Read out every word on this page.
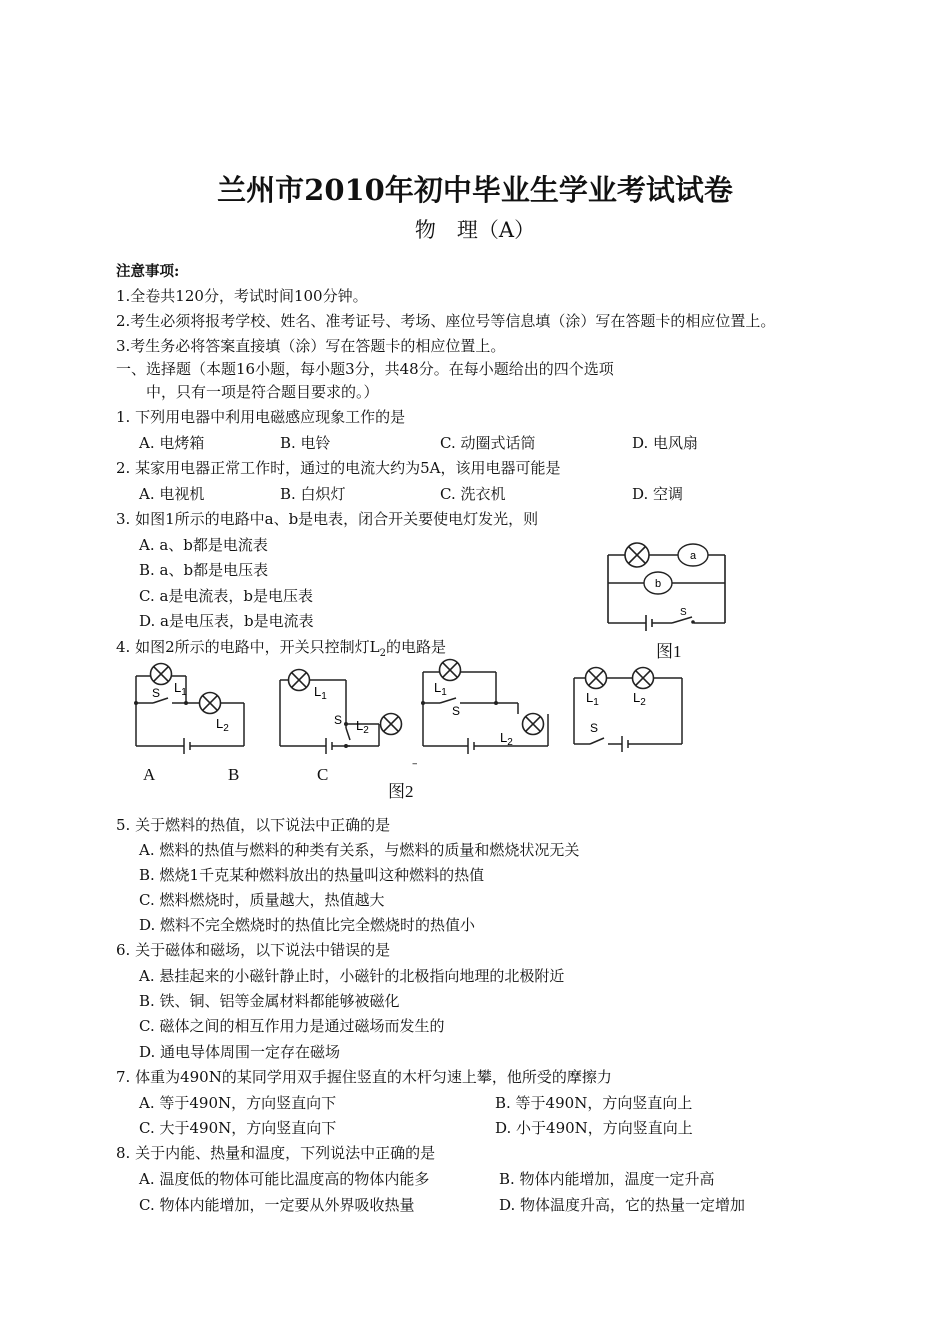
兰州市2010年初中毕业生学业考试试卷
物　理（A）
注意事项:
1.全卷共120分，考试时间100分钟。
2.考生必须将报考学校、姓名、准考证号、考场、座位号等信息填（涂）写在答题卡的相应位置上。
3.考生务必将答案直接填（涂）写在答题卡的相应位置上。
一、选择题（本题16小题，每小题3分，共48分。在每小题给出的四个选项
中，只有一项是符合题目要求的。）
1. 下列用电器中利用电磁感应现象工作的是
A. 电烤箱	B. 电铃	C. 动圈式话筒	D. 电风扇
2. 某家用电器正常工作时，通过的电流大约为5A，该用电器可能是
A. 电视机	B. 白炽灯	C. 洗衣机	D. 空调
3. 如图1所示的电路中a、b是电表，闭合开关要使电灯发光，则
A. a、b都是电流表
B. a、b都是电压表
C. a是电流表，b是电压表
D. a是电压表，b是电流表
a
b
S
图1
4. 如图2所示的电路中，开关只控制灯$L_2$的电路是
S $L_1$
$L_2$
$L_1$
S $L_2$
$L_1$
S
$L_2$
$L_1$	$L_2$
S
A	B	C
–
图2
5. 关于燃料的热值，以下说法中正确的是
A. 燃料的热值与燃料的种类有关系，与燃料的质量和燃烧状况无关
B. 燃烧1千克某种燃料放出的热量叫这种燃料的热值
C. 燃料燃烧时，质量越大，热值越大
D. 燃料不完全燃烧时的热值比完全燃烧时的热值小
6. 关于磁体和磁场，以下说法中错误的是
A. 悬挂起来的小磁针静止时，小磁针的北极指向地理的北极附近
B. 铁、铜、铝等金属材料都能够被磁化
C. 磁体之间的相互作用力是通过磁场而发生的
D. 通电导体周围一定存在磁场
7. 体重为490N的某同学用双手握住竖直的木杆匀速上攀，他所受的摩擦力
A. 等于490N，方向竖直向下	B. 等于490N，方向竖直向上
C. 大于490N，方向竖直向下	D. 小于490N，方向竖直向上
8. 关于内能、热量和温度，下列说法中正确的是
A. 温度低的物体可能比温度高的物体内能多	B. 物体内能增加，温度一定升高
C. 物体内能增加，一定要从外界吸收热量	D. 物体温度升高，它的热量一定增加
